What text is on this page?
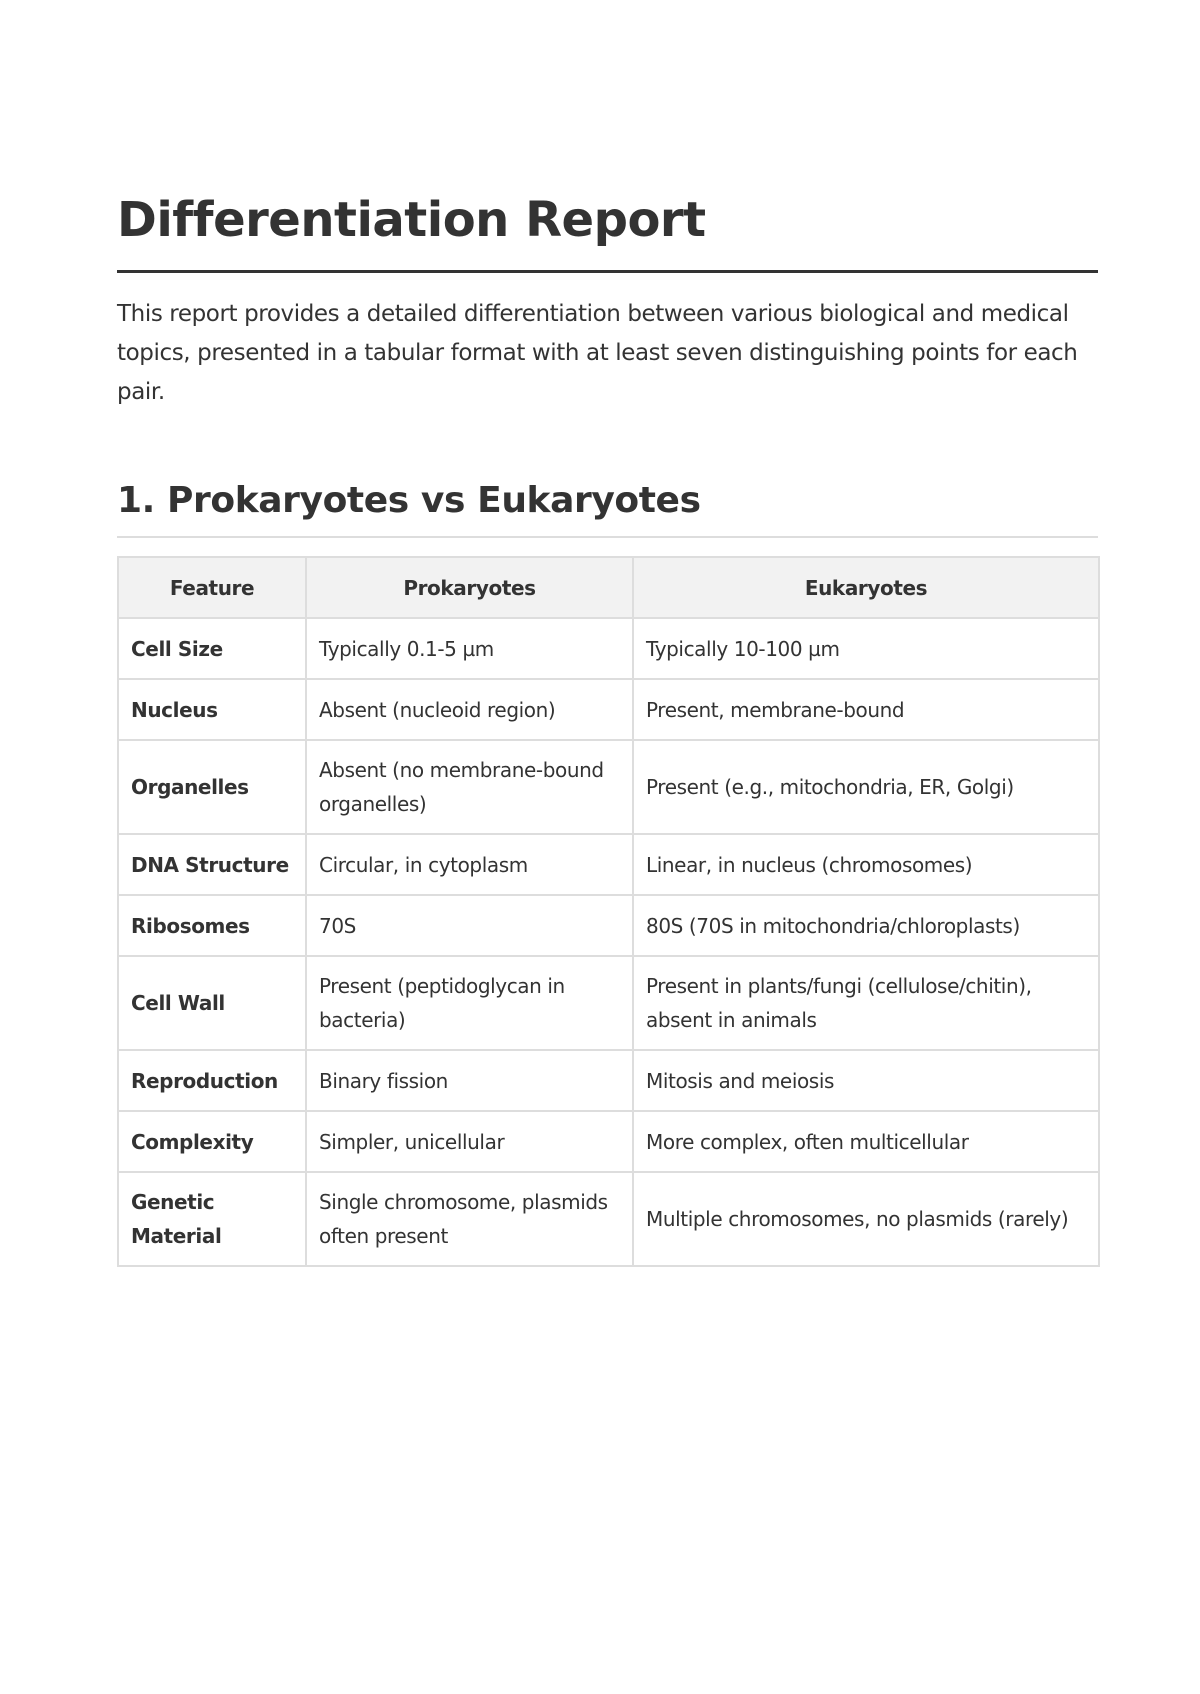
Differentiation Report

This report provides a detailed differentiation between various biological and medical topics, presented in a tabular format with at least seven distinguishing points for each pair.

1. Prokaryotes vs Eukaryotes
Feature	Prokaryotes	Eukaryotes
Cell Size	Typically 0.1-5 µm	Typically 10-100 µm
Nucleus	Absent (nucleoid region)	Present, membrane-bound
Organelles	Absent (no membrane-bound organelles)	Present (e.g., mitochondria, ER, Golgi)
DNA Structure	Circular, in cytoplasm	Linear, in nucleus (chromosomes)
Ribosomes	70S	80S (70S in mitochondria/chloroplasts)
Cell Wall	Present (peptidoglycan in bacteria)	Present in plants/fungi (cellulose/chitin), absent in animals
Reproduction	Binary fission	Mitosis and meiosis
Complexity	Simpler, unicellular	More complex, often multicellular
Genetic Material	Single chromosome, plasmids often present	Multiple chromosomes, no plasmids (rarely)
